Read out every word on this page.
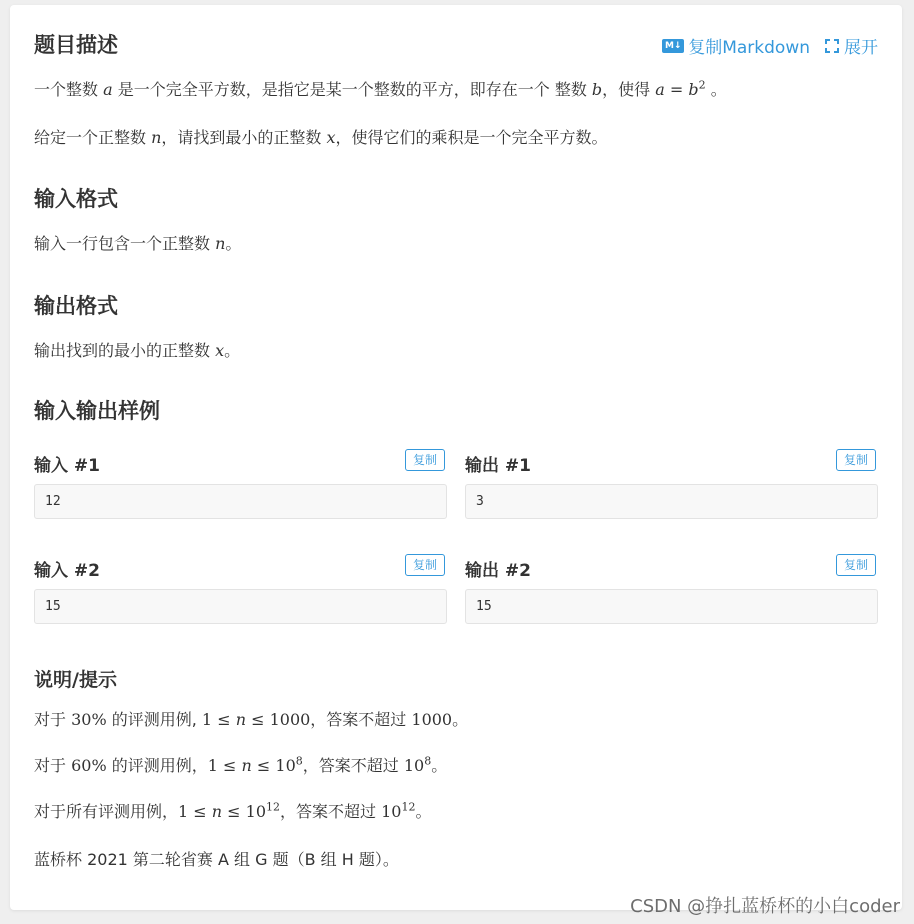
题目描述	M↓ 复制Markdown 展开

一个整数 a 是一个完全平方数，是指它是某一个整数的平方，即存在一个 整数 b，使得 $a = b^2$ 。

给定一个正整数 n，请找到最小的正整数 x，使得它们的乘积是一个完全平方数。

输入格式

输入一行包含一个正整数 n。

输出格式

输出找到的最小的正整数 x。

输入输出样例
输入 #1	复制
12
输出 #1	复制
3
输入 #2	复制
15
输出 #2	复制
15
说明/提示

对于 30% 的评测用例, 1 ≤ n ≤ 1000，答案不超过 1000。

对于 60% 的评测用例，$1 \le n \le 10^8$，答案不超过 $10^8$。

对于所有评测用例，$1 \le n \le 10^{12}$，答案不超过 $10^{12}$。

蓝桥杯 2021 第二轮省赛 A 组 G 题（B 组 H 题）。

CSDN @挣扎蓝桥杯的小白coder
